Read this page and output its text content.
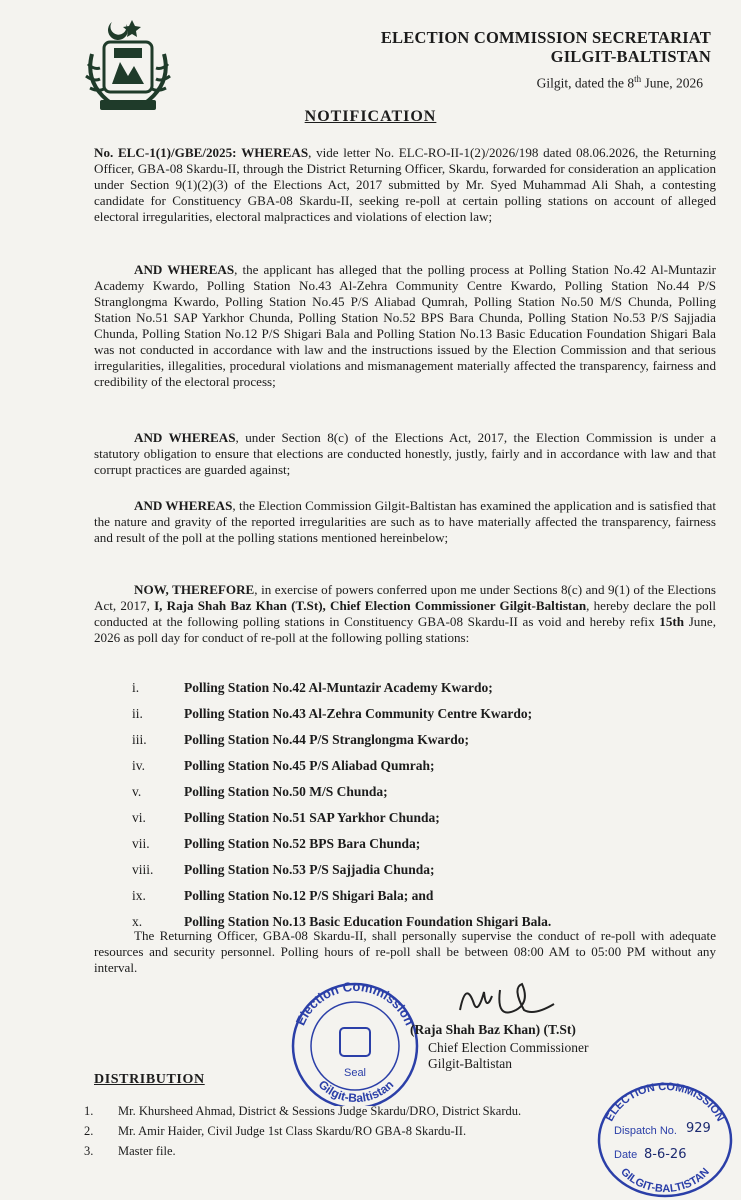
ELECTION COMMISSION SECRETARIAT
GILGIT-BALTISTAN
Gilgit, dated the 8th June, 2026
NOTIFICATION

No. ELC-1(1)/GBE/2025: WHEREAS, vide letter No. ELC-RO-II-1(2)/2026/198 dated 08.06.2026, the Returning Officer, GBA-08 Skardu-II, through the District Returning Officer, Skardu, forwarded for consideration an application under Section 9(1)(2)(3) of the Elections Act, 2017 submitted by Mr. Syed Muhammad Ali Shah, a contesting candidate for Constituency GBA-08 Skardu-II, seeking re-poll at certain polling stations on account of alleged electoral irregularities, electoral malpractices and violations of election law;

AND WHEREAS, the applicant has alleged that the polling process at Polling Station No.42 Al-Muntazir Academy Kwardo, Polling Station No.43 Al-Zehra Community Centre Kwardo, Polling Station No.44 P/S Stranglongma Kwardo, Polling Station No.45 P/S Aliabad Qumrah, Polling Station No.50 M/S Chunda, Polling Station No.51 SAP Yarkhor Chunda, Polling Station No.52 BPS Bara Chunda, Polling Station No.53 P/S Sajjadia Chunda, Polling Station No.12 P/S Shigari Bala and Polling Station No.13 Basic Education Foundation Shigari Bala was not conducted in accordance with law and the instructions issued by the Election Commission and that serious irregularities, illegalities, procedural violations and mismanagement materially affected the transparency, fairness and credibility of the electoral process;

AND WHEREAS, under Section 8(c) of the Elections Act, 2017, the Election Commission is under a statutory obligation to ensure that elections are conducted honestly, justly, fairly and in accordance with law and that corrupt practices are guarded against;

AND WHEREAS, the Election Commission Gilgit-Baltistan has examined the application and is satisfied that the nature and gravity of the reported irregularities are such as to have materially affected the transparency, fairness and result of the poll at the polling stations mentioned hereinbelow;

NOW, THEREFORE, in exercise of powers conferred upon me under Sections 8(c) and 9(1) of the Elections Act, 2017, I, Raja Shah Baz Khan (T.St), Chief Election Commissioner Gilgit-Baltistan, hereby declare the poll conducted at the following polling stations in Constituency GBA-08 Skardu-II as void and hereby refix 15th June, 2026 as poll day for conduct of re-poll at the following polling stations:

i.	Polling Station No.42 Al-Muntazir Academy Kwardo;
ii.	Polling Station No.43 Al-Zehra Community Centre Kwardo;
iii.	Polling Station No.44 P/S Stranglongma Kwardo;
iv.	Polling Station No.45 P/S Aliabad Qumrah;
v.	Polling Station No.50 M/S Chunda;
vi.	Polling Station No.51 SAP Yarkhor Chunda;
vii.	Polling Station No.52 BPS Bara Chunda;
viii.	Polling Station No.53 P/S Sajjadia Chunda;
ix.	Polling Station No.12 P/S Shigari Bala; and
x.	Polling Station No.13 Basic Education Foundation Shigari Bala.

The Returning Officer, GBA-08 Skardu-II, shall personally supervise the conduct of re-poll with adequate resources and security personnel. Polling hours of re-poll shall be between 08:00 AM to 05:00 PM without any interval.

Election Commission
Gilgit-Baltistan
Seal
(Raja Shah Baz Khan) (T.St)
Chief Election Commissioner
Gilgit-Baltistan
DISTRIBUTION
1. Mr. Khursheed Ahmad, District & Sessions Judge Skardu/DRO, District Skardu.
2. Mr. Amir Haider, Civil Judge 1st Class Skardu/RO GBA-8 Skardu-II.
3. Master file.
ELECTION COMMISSION
GILGIT-BALTISTAN
Dispatch No. 929
Date 8-6-26
